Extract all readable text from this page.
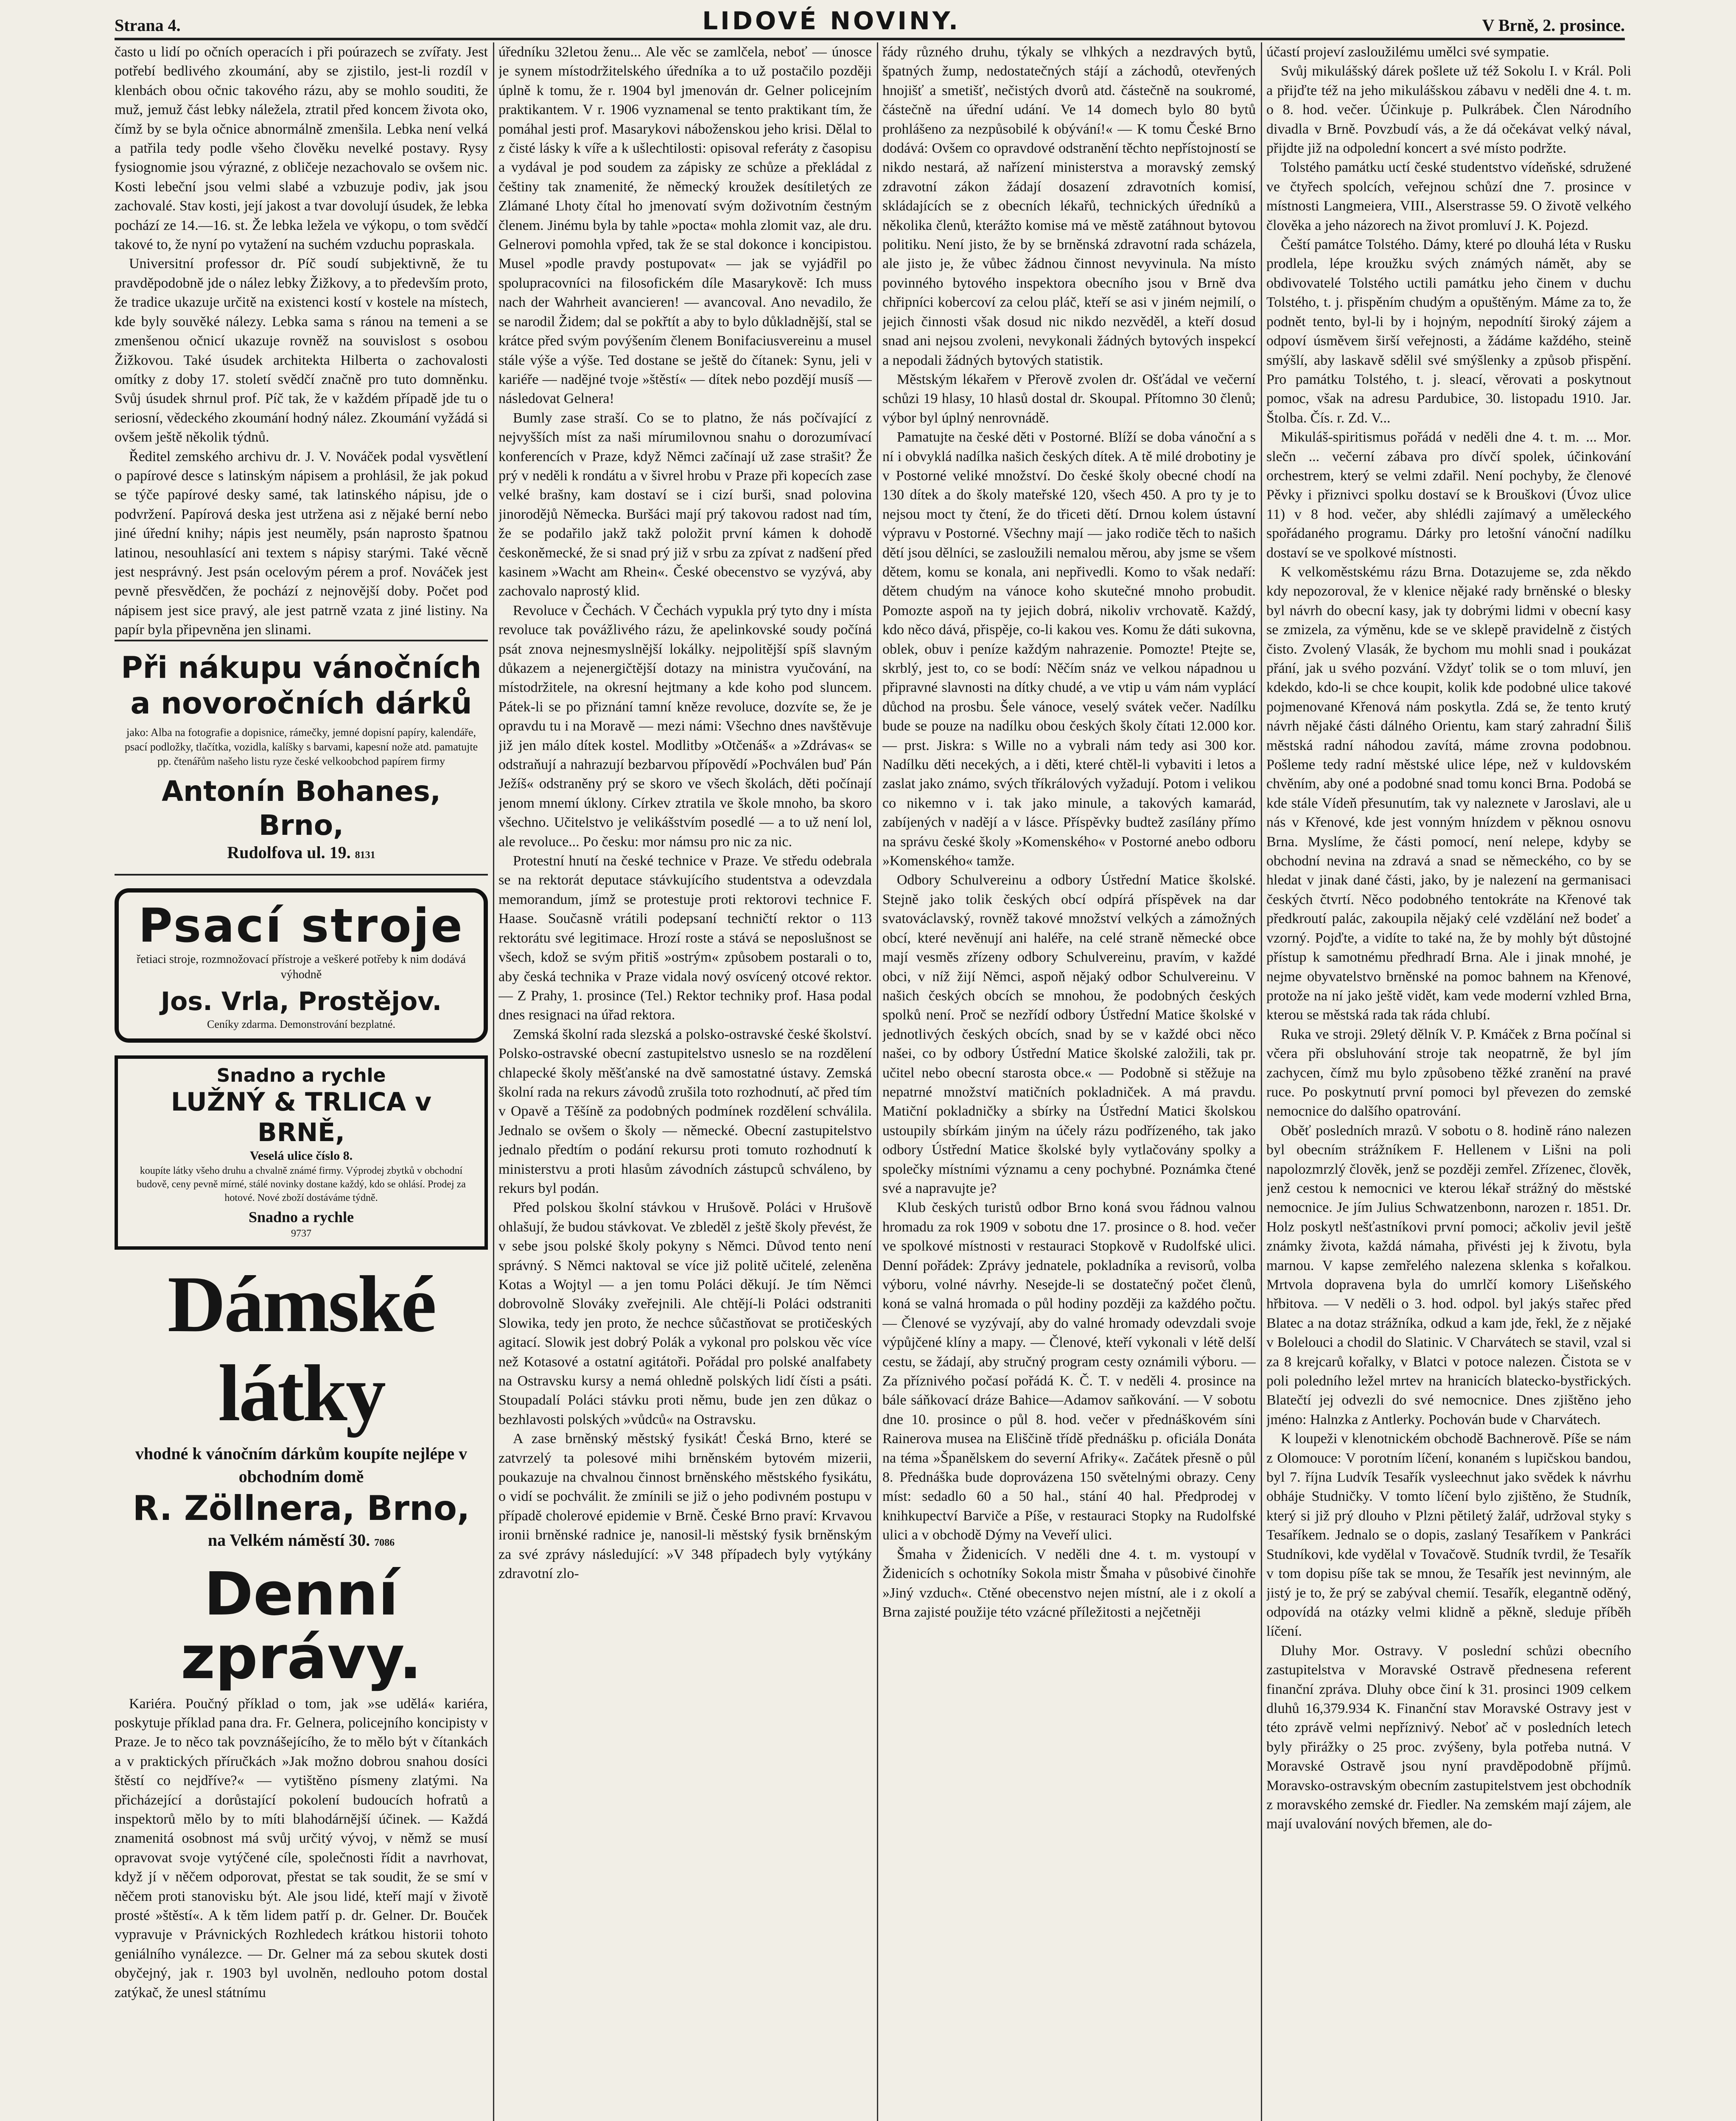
Strana 4.	LIDOVÉ NOVINY.	V Brně, 2. prosince.

často u lidí po očních operacích i při poúrazech se zvířaty. Jest potřebí bedlivého zkoumání, aby se zjistilo, jest-li rozdíl v klenbách obou očnic takového rázu, aby se mohlo souditi, že muž, jemuž část lebky náležela, ztratil před koncem života oko, čímž by se byla očnice abnormálně zmenšila. Lebka není velká a patřila tedy podle všeho člověku nevelké postavy. Rysy fysiognomie jsou výrazné, z obličeje nezachovalo se ovšem nic. Kosti lebeční jsou velmi slabé a vzbuzuje podiv, jak jsou zachovalé. Stav kosti, její jakost a tvar dovolují úsudek, že lebka pochází ze 14.—16. st. Že lebka ležela ve výkopu, o tom svědčí takové to, že nyní po vytažení na suchém vzduchu popraskala.

Universitní professor dr. Píč soudí subjektivně, že tu pravděpodobně jde o nález lebky Žižkovy, a to především proto, že tradice ukazuje určitě na existenci kostí v kostele na místech, kde byly souvěké nálezy. Lebka sama s ránou na temeni a se zmenšenou očnicí ukazuje rovněž na souvislost s osobou Žižkovou. Také úsudek architekta Hilberta o zachovalosti omítky z doby 17. století svědčí značně pro tuto domněnku. Svůj úsudek shrnul prof. Píč tak, že v každém případě jde tu o seriosní, vědeckého zkoumání hodný nález. Zkoumání vyžádá si ovšem ještě několik týdnů.

Ředitel zemského archivu dr. J. V. Nováček podal vysvětlení o papírové desce s latinským nápisem a prohlásil, že jak pokud se týče papírové desky samé, tak latinského nápisu, jde o podvržení. Papírová deska jest utržena asi z nějaké berní nebo jiné úřední knihy; nápis jest neuměly, psán naprosto špatnou latinou, nesouhlasící ani textem s nápisy starými. Také věcně jest nesprávný. Jest psán ocelovým pérem a prof. Nováček jest pevně přesvědčen, že pochází z nejnovější doby. Počet pod nápisem jest sice pravý, ale jest patrně vzata z jiné listiny. Na papír byla připevněna jen slinami.

Při nákupu vánočních a novoročních dárků
jako: Alba na fotografie a dopisnice, rámečky, jemné dopisní papíry, kalendáře, psací podložky, tlačítka, vozidla, kalíšky s barvami, kapesní nože atd. pamatujte pp. čtenářům našeho listu ryze české velkoobchod papírem firmy
Antonín Bohanes, Brno,
Rudolfova ul. 19. 8131
Psací stroje
řetiaci stroje, rozmnožovací přístroje a veškeré potřeby k nim dodává výhodně
Jos. Vrla, Prostějov.
Ceníky zdarma. Demonstrování bezplatné.
Snadno a rychle
LUŽNÝ & TRLICA v BRNĚ,
Veselá ulice číslo 8.
koupíte látky všeho druhu a chvalně známé firmy. Výprodej zbytků v obchodní budově, ceny pevně mírné, stálé novinky dostane každý, kdo se ohlásí. Prodej za hotové. Nové zboží dostáváme týdně.
Snadno a rychle
9737
Dámské látky
vhodné k vánočním dárkům koupíte nejlépe v obchodním domě
R. Zöllnera, Brno,
na Velkém náměstí 30. 7086
Denní zprávy.

Kariéra. Poučný příklad o tom, jak »se udělá« kariéra, poskytuje příklad pana dra. Fr. Gelnera, policejního koncipisty v Praze. Je to něco tak povznášejícího, že to mělo být v čítankách a v praktických příručkách »Jak možno dobrou snahou dosíci štěstí co nejdříve?« — vytištěno písmeny zlatými. Na přicházející a dorůstající pokolení budoucích hofratů a inspektorů mělo by to míti blahodárnější účinek. — Každá znamenitá osobnost má svůj určitý vývoj, v němž se musí opravovat svoje vytýčené cíle, společnosti řídit a navrhovat, když jí v něčem odporovat, přestat se tak soudit, že se smí v něčem proti stanovisku být. Ale jsou lidé, kteří mají v životě prosté »štěstí«. A k těm lidem patří p. dr. Gelner. Dr. Bouček vypravuje v Právnických Rozhledech krátkou historii tohoto geniálního vynálezce. — Dr. Gelner má za sebou skutek dosti obyčejný, jak r. 1903 byl uvolněn, nedlouho potom dostal zatýkač, že unesl státnímu

úředníku 32letou ženu... Ale věc se zamlčela, neboť — únosce je synem místodržitelského úředníka a to už postačilo později úplně k tomu, že r. 1904 byl jmenován dr. Gelner policejním praktikantem. V r. 1906 vyznamenal se tento praktikant tím, že pomáhal jesti prof. Masarykovi náboženskou jeho krisi. Dělal to z čisté lásky k víře a k ušlechtilosti: opisoval referáty z časopisu a vydával je pod soudem za zápisky ze schůze a překládal z češtiny tak znamenité, že německý kroužek desítiletých ze Zlámané Lhoty čítal ho jmenovatí svým doživotním čestným členem. Jinému byla by tahle »pocta« mohla zlomit vaz, ale dru. Gelnerovi pomohla vpřed, tak že se stal dokonce i koncipistou. Musel »podle pravdy postupovat« — jak se vyjádřil po spolupracovníci na filosofickém díle Masarykově: Ich muss nach der Wahrheit avancieren! — avancoval. Ano nevadilo, že se narodil Židem; dal se pokřtít a aby to bylo důkladnější, stal se krátce před svým povýšením členem Bonifaciusvereinu a musel stále výše a výše. Ted dostane se ještě do čítanek: Synu, jeli v kariéře — nadějné tvoje »štěstí« — dítek nebo pozdějí musíš — následovat Gelnera!

Bumly zase straší. Co se to platno, že nás počívající z nejvyšších míst za naši mírumilovnou snahu o dorozumívací konferencích v Praze, když Němci začínají už zase strašit? Že prý v neděli k rondátu a v šivrel hrobu v Praze při kopecích zase velké brašny, kam dostaví se i cizí burši, snad polovina jinorodějů Německa. Buršáci mají prý takovou radost nad tím, že se podařilo jakž takž položit první kámen k dohodě českoněmecké, že si snad prý již v srbu za zpívat z nadšení před kasinem »Wacht am Rhein«. České obecenstvo se vyzývá, aby zachovalo naprostý klid.

Revoluce v Čechách. V Čechách vypukla prý tyto dny i místa revoluce tak povážlivého rázu, že apelinkovské soudy počíná psát znova nejnesmyslnější lokálky. nejpolitější spíš slavným důkazem a nejenergičtější dotazy na ministra vyučování, na místodržitele, na okresní hejtmany a kde koho pod sluncem. Pátek-li se po přiznání tamní kněze revoluce, dozvíte se, že je opravdu tu i na Moravě — mezi námi: Všechno dnes navštěvuje již jen málo dítek kostel. Modlitby »Otčenáš« a »Zdrávas« se odstraňují a nahrazují bezbarvou přípovědí »Pochválen buď Pán Ježíš« odstraněny prý se skoro ve všech školách, děti počínají jenom mnemí úklony. Církev ztratila ve škole mnoho, ba skoro všechno. Učitelstvo je velikášstvím posedlé — a to už není lol, ale revoluce... Po česku: mor námsu pro nic za nic.

Protestní hnutí na české technice v Praze. Ve středu odebrala se na rektorát deputace stávkujícího studentstva a odevzdala memorandum, jímž se protestuje proti rektorovi technice F. Haase. Současně vrátili podepsaní techničtí rektor o 113 rektorátu své legitimace. Hrozí roste a stává se neposlušnost se všech, kdož se svým přitiš »ostrým« způsobem postarali o to, aby česká technika v Praze vidala nový osvícený otcové rektor. — Z Prahy, 1. prosince (Tel.) Rektor techniky prof. Hasa podal dnes resignaci na úřad rektora.

Zemská školní rada slezská a polsko-ostravské české školství. Polsko-ostravské obecní zastupitelstvo usneslo se na rozdělení chlapecké školy měšťanské na dvě samostatné ústavy. Zemská školní rada na rekurs závodů zrušila toto rozhodnutí, ač před tím v Opavě a Těšíně za podobných podmínek rozdělení schválila. Jednalo se ovšem o školy — německé. Obecní zastupitelstvo jednalo předtím o podání rekursu proti tomuto rozhodnutí k ministerstvu a proti hlasům závodních zástupců schváleno, by rekurs byl podán.

Před polskou školní stávkou v Hrušově. Poláci v Hrušově ohlašují, že budou stávkovat. Ve zbleděl z ještě školy převést, že v sebe jsou polské školy pokyny s Němci. Důvod tento není správný. S Němci naktoval se více již politě učitelé, zeleněna Kotas a Wojtyl — a jen tomu Poláci děkují. Je tím Němci dobrovolně Slováky zveřejnili. Ale chtějí-li Poláci odstraniti Slowika, tedy jen proto, že nechce sůčastňovat se protičeských agitací. Slowik jest dobrý Polák a vykonal pro polskou věc více než Kotasové a ostatní agitátoři. Pořádal pro polské analfabety na Ostravsku kursy a nemá ohledně polských lidí čísti a psáti. Stoupadalí Poláci stávku proti němu, bude jen zen důkaz o bezhlavosti polských »vůdců« na Ostravsku.

A zase brněnský městský fysikát! Česká Brno, které se zatvrzelý ta polesové mihi brněnském bytovém mizerii, poukazuje na chvalnou činnost brněnského městského fysikátu, o vidí se pochválit. že zmínili se již o jeho podivném postupu v případě cholerové epidemie v Brně. České Brno praví: Krvavou ironii brněnské radnice je, nanosil-li městský fysik brněnským za své zprávy následující: »V 348 případech byly vytýkány zdravotní zlo-

řády různého druhu, týkaly se vlhkých a nezdravých bytů, špatných žump, nedostatečných stájí a záchodů, otevřených hnojišť a smetišť, nečistých dvorů atd. částečně na soukromé, částečně na úřední udání. Ve 14 domech bylo 80 bytů prohlášeno za nezpůsobilé k obývání!« — K tomu České Brno dodává: Ovšem co opravdové odstranění těchto nepřístojností se nikdo nestará, až nařízení ministerstva a moravský zemský zdravotní zákon žádají dosazení zdravotních komisí, skládajících se z obecních lékařů, technických úředníků a několika členů, kterážto komise má ve městě zatáhnout bytovou politiku. Není jisto, že by se brněnská zdravotní rada scházela, ale jisto je, že vůbec žádnou činnost nevyvinula. Na místo povinného bytového inspektora obecního jsou v Brně dva chřipníci kobercoví za celou pláč, kteří se asi v jiném nejmilí, o jejich činnosti však dosud nic nikdo nezvěděl, a kteří dosud snad ani nejsou zvoleni, nevykonali žádných bytových inspekcí a nepodali žádných bytových statistik.

Městským lékařem v Přerově zvolen dr. Ošťádal ve večerní schůzi 19 hlasy, 10 hlasů dostal dr. Skoupal. Přítomno 30 členů; výbor byl úplný nenrovnádě.

Pamatujte na české děti v Postorné. Blíží se doba vánoční a s ní i obvyklá nadílka našich českých dítek. A tě milé drobotiny je v Postorné veliké množství. Do české školy obecné chodí na 130 dítek a do školy mateřské 120, všech 450. A pro ty je to nejsou moct ty čtení, že do třiceti dětí. Drnou kolem ústavní výpravu v Postorné. Všechny mají — jako rodiče těch to našich dětí jsou dělníci, se zasloužili nemalou měrou, aby jsme se všem dětem, komu se konala, ani nepřivedli. Komo to však nedaří: dětem chudým na vánoce koho skutečné mnoho probudit. Pomozte aspoň na ty jejich dobrá, nikoliv vrchovatě. Každý, kdo něco dává, přispěje, co-li kakou ves. Komu že dáti sukovna, oblek, obuv i peníze každým nahrazenie. Pomozte! Ptejte se, skrblý, jest to, co se bodí: Něčím snáz ve velkou nápadnou u připravné slavnosti na dítky chudé, a ve vtip u vám nám vyplácí důchod na prosbu. Šele vánoce, veselý svátek večer. Nadílku bude se pouze na nadílku obou českých školy čítati 12.000 kor. — prst. Jiskra: s Wille no a vybrali nám tedy asi 300 kor. Nadílku děti necekých, a i děti, které chtěl-li vybaviti i letos a zaslat jako známo, svých tříkrálových vyžadují. Potom i velikou co nikemno v i. tak jako minule, a takových kamarád, zabíjených v nadějí a v lásce. Příspěvky budtež zasílány přímo na správu české školy »Komenského« v Postorné anebo odboru »Komenského« tamže.

Odbory Schulvereinu a odbory Ústřední Matice školské. Stejně jako tolik českých obcí odpírá příspěvek na dar svatováclavský, rovněž takové množství velkých a zámožných obcí, které nevěnují ani haléře, na celé straně německé obce mají vesměs zřízeny odbory Schulvereinu, pravím, v každé obci, v níž žijí Němci, aspoň nějaký odbor Schulvereinu. V našich českých obcích se mnohou, že podobných českých spolků není. Proč se nezřídí odbory Ústřední Matice školské v jednotlivých českých obcích, snad by se v každé obci něco našei, co by odbory Ústřední Matice školské založili, tak pr. učitel nebo obecní starosta obce.« — Podobně si stěžuje na nepatrné množství matičních pokladniček. A má pravdu. Matiční pokladničky a sbírky na Ústřední Matici školskou ustoupily sbírkám jiným na účely rázu podřízeného, tak jako odbory Ústřední Matice školské byly vytlačovány spolky a společky místními významu a ceny pochybné. Poznámka čtené své a napravujte je?

Klub českých turistů odbor Brno koná svou řádnou valnou hromadu za rok 1909 v sobotu dne 17. prosince o 8. hod. večer ve spolkové místnosti v restauraci Stopkově v Rudolfské ulici. Denní pořádek: Zprávy jednatele, pokladníka a revisorů, volba výboru, volné návrhy. Nesejde-li se dostatečný počet členů, koná se valná hromada o půl hodiny později za každého počtu. — Členové se vyzývají, aby do valné hromady odevzdali svoje výpůjčené klíny a mapy. — Členové, kteří vykonali v létě delší cestu, se žádají, aby stručný program cesty oznámili výboru. — Za příznivého počasí pořádá K. Č. T. v neděli 4. prosince na bále sáňkovací dráze Bahice—Adamov saňkování. — V sobotu dne 10. prosince o půl 8. hod. večer v přednáškovém síni Rainerova musea na Eliščině třídě přednášku p. oficiála Donáta na téma »Španělskem do severní Afriky«. Začátek přesně o půl 8. Přednáška bude doprovázena 150 světelnými obrazy. Ceny míst: sedadlo 60 a 50 hal., stání 40 hal. Předprodej v knihkupectví Barviče a Píše, v restauraci Stopky na Rudolfské ulici a v obchodě Dýmy na Veveří ulici.

Šmaha v Židenicích. V neděli dne 4. t. m. vystoupí v Židenicích s ochotníky Sokola mistr Šmaha v působivé činohře »Jiný vzduch«. Ctěné obecenstvo nejen místní, ale i z okolí a Brna zajisté použije této vzácné příležitosti a nejčetněji

účastí projeví zasloužilému umělci své sympatie.

Svůj mikulášský dárek pošlete už též Sokolu I. v Král. Poli a přijďte též na jeho mikulášskou zábavu v neděli dne 4. t. m. o 8. hod. večer. Účinkuje p. Pulkrábek. Člen Národního divadla v Brně. Povzbudí vás, a že dá očekávat velký nával, přijdte již na odpolední koncert a své místo podržte.

Tolstého památku uctí české studentstvo vídeňské, sdružené ve čtyřech spolcích, veřejnou schůzí dne 7. prosince v místnosti Langmeiera, VIII., Alserstrasse 59. O životě velkého člověka a jeho názorech na život promluví J. K. Pojezd.

Čeští památce Tolstého. Dámy, které po dlouhá léta v Rusku prodlela, lépe kroužku svých známých námět, aby se obdivovatelé Tolstého uctili památku jeho činem v duchu Tolstého, t. j. přispěním chudým a opuštěným. Máme za to, že podnět tento, byl-li by i hojným, nepodnítí široký zájem a odpoví úsměvem širší veřejnosti, a žádáme každého, steině smýšlí, aby laskavě sdělil své smýšlenky a způsob přispění. Pro památku Tolstého, t. j. sleací, věrovati a poskytnout pomoc, však na adresu Pardubice, 30. listopadu 1910. Jar. Štolba. Čís. r. Zd. V...

Mikuláš-spiritismus pořádá v neděli dne 4. t. m. ... Mor. slečn ... večerní zábava pro dívčí spolek, účinkování orchestrem, který se velmi zdařil. Není pochyby, že členové Pěvky i přiznivci spolku dostaví se k Brouškovi (Úvoz ulice 11) v 8 hod. večer, aby shlédli zajímavý a uměleckého spořádaného programu. Dárky pro letošní vánoční nadílku dostaví se ve spolkové místnosti.

K velkoměstskému rázu Brna. Dotazujeme se, zda někdo kdy nepozoroval, že v klenice nějaké rady brněnské o blesky byl návrh do obecní kasy, jak ty dobrými lidmi v obecní kasy se zmizela, za výměnu, kde se ve sklepě pravidelně z čistých čisto. Zvolený Vlasák, že bychom mu mohli snad i poukázat přání, jak u svého pozvání. Vždyť tolik se o tom mluví, jen kdekdo, kdo-li se chce koupit, kolik kde podobné ulice takové pojmenované Křenová nám poskytla. Zdá se, že tento krutý návrh nějaké části dálného Orientu, kam starý zahradní Šiliš městská radní náhodou zavítá, máme zrovna podobnou. Pošleme tedy radní městské ulice lépe, než v kuldovském chvěním, aby oné a podobné snad tomu konci Brna. Podobá se kde stále Vídeň přesunutím, tak vy naleznete v Jaroslavi, ale u nás v Křenové, kde jest vonným hnízdem v pěknou osnovu Brna. Myslíme, že části pomocí, není nelepe, kdyby se obchodní nevina na zdravá a snad se německého, co by se hledat v jinak dané části, jako, by je nalezení na germanisaci českých čtvrtí. Něco podobného tentokráte na Křenové tak předkroutí palác, zakoupila nějaký celé vzdělání než bodeť a vzorný. Pojďte, a vidíte to také na, že by mohly být důstojné přístup k samotnému předhradí Brna. Ale i jinak mnohé, je nejme obyvatelstvo brněnské na pomoc bahnem na Křenové, protože na ní jako ještě vidět, kam vede moderní vzhled Brna, kterou se městská rada tak ráda chlubí.

Ruka ve stroji. 29letý dělník V. P. Kmáček z Brna počínal si včera při obsluhování stroje tak neopatrně, že byl jím zachycen, čímž mu bylo způsobeno těžké zranění na pravé ruce. Po poskytnutí první pomoci byl převezen do zemské nemocnice do dalšího opatrování.

Oběť posledních mrazů. V sobotu o 8. hodině ráno nalezen byl obecním strážníkem F. Hellenem v Lišni na poli napolozmrzlý člověk, jenž se později zemřel. Zřízenec, člověk, jenž cestou k nemocnici ve kterou lékař strážný do městské nemocnice. Je jím Julius Schwatzenbonn, narozen r. 1851. Dr. Holz poskytl nešťastníkovi první pomoci; ačkoliv jevil ještě známky života, každá námaha, přivésti jej k životu, byla marnou. V kapse zemřelého nalezena sklenka s kořalkou. Mrtvola dopravena byla do umrlčí komory Lišeňského hřbitova. — V neděli o 3. hod. odpol. byl jakýs stařec před Blatec a na dotaz strážníka, odkud a kam jde, řekl, že z nějaké v Bolelouci a chodil do Slatinic. V Charvátech se stavil, vzal si za 8 krejcarů kořalky, v Blatci v potoce nalezen. Čistota se v poli poledního ležel mrtev na hranicích blatecko-bystřických. Blatečtí jej odvezli do své nemocnice. Dnes zjištěno jeho jméno: Halnzka z Antlerky. Pochován bude v Charvátech.

K loupeži v klenotnickém obchodě Bachnerově. Píše se nám z Olomouce: V porotním líčení, konaném s lupičskou bandou, byl 7. října Ludvík Tesařík vysleechnut jako svědek k návrhu obháje Studničky. V tomto líčení bylo zjištěno, že Studník, který si již prý dlouho v Plzni pětiletý žalář, udržoval styky s Tesaříkem. Jednalo se o dopis, zaslaný Tesaříkem v Pankráci Studníkovi, kde vydělal v Tovačově. Studník tvrdil, že Tesařík v tom dopisu píše tak se mnou, že Tesařík jest nevinným, ale jistý je to, že prý se zabýval chemií. Tesařík, elegantně oděný, odpovídá na otázky velmi klidně a pěkně, sleduje příběh líčení.

Dluhy Mor. Ostravy. V poslední schůzi obecního zastupitelstva v Moravské Ostravě přednesena referent finanční zpráva. Dluhy obce činí k 31. prosinci 1909 celkem dluhů 16,379.934 K. Finanční stav Moravské Ostravy jest v této zprávě velmi nepříznivý. Neboť ač v posledních letech byly přirážky o 25 proc. zvýšeny, byla potřeba nutná. V Moravské Ostravě jsou nyní pravděpodobně příjmů. Moravsko-ostravským obecním zastupitelstvem jest obchodník z moravského zemské dr. Fiedler. Na zemském mají zájem, ale mají uvalování nových břemen, ale do-
